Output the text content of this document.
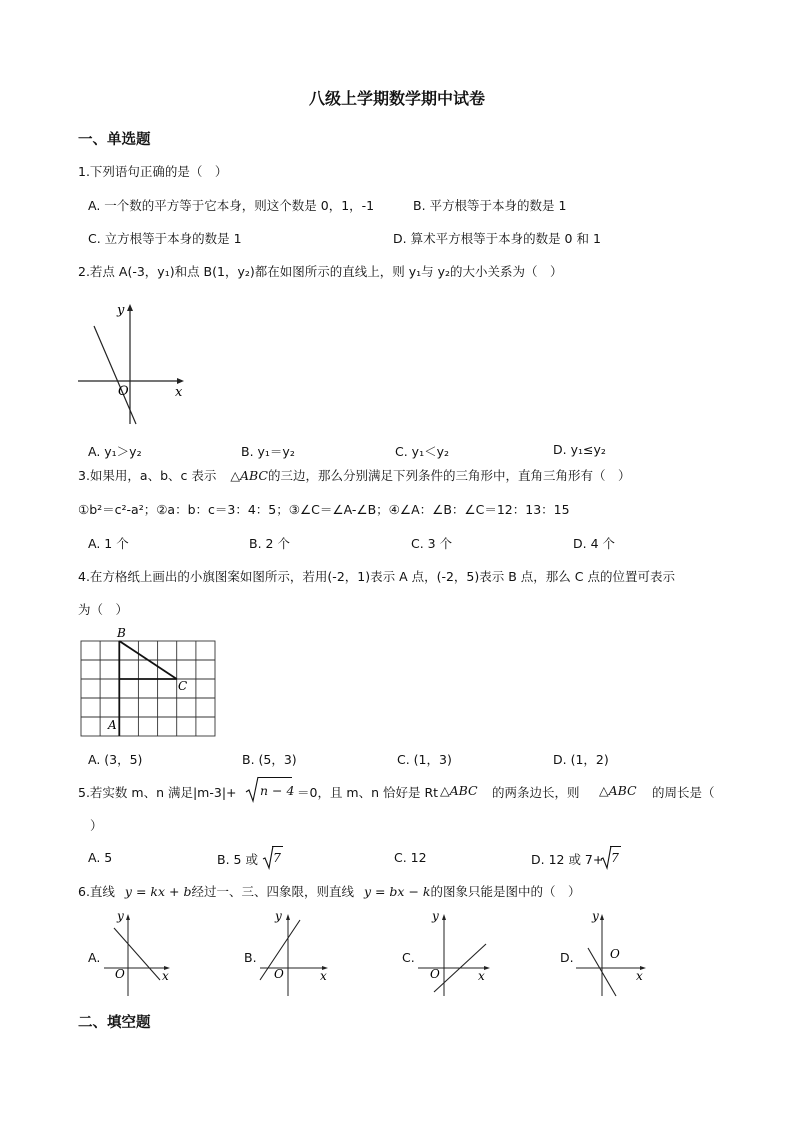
八级上学期数学期中试卷
一、单选题
1.下列语句正确的是（　）
A. 一个数的平方等于它本身，则这个数是 0，1，-1	B. 平方根等于本身的数是 1
C. 立方根等于本身的数是 1	D. 算术平方根等于本身的数是 0 和 1
2.若点 A(-3，y₁)和点 B(1，y₂)都在如图所示的直线上，则 y₁与 y₂的大小关系为（　）
y
x
O
A. y₁＞y₂	B. y₁＝y₂	C. y₁＜y₂	D. y₁≤y₂
3.如果用，a、b、c 表示 △ABC的三边，那么分别满足下列条件的三角形中，直角三角形有（　）
①b²＝c²-a²；②a：b：c＝3：4：5；③∠C＝∠A-∠B；④∠A：∠B：∠C＝12：13：15
A. 1 个	B. 2 个	C. 3 个	D. 4 个
4.在方格纸上画出的小旗图案如图所示，若用(-2，1)表示 A 点，(-2，5)表示 B 点，那么 C 点的位置可表示
为（　）
B
C
A
A. (3，5)	B. (5，3)	C. (1，3)	D. (1，2)
5.若实数 m、n 满足|m-3|+ n − 4 ＝0，且 m、n 恰好是 Rt △ABC 的两条边长，则 △ABC 的周长是（
）
A. 5	B. 5 或 7	C. 12	D. 12 或 7+ 7
6.直线 y = kx + b经过一、三、四象限，则直线 y = bx − k的图象只能是图中的（　）
A.
y
x
O
B.
y
x
O
C.
y
x
O
D.
y
x
O
二、填空题
